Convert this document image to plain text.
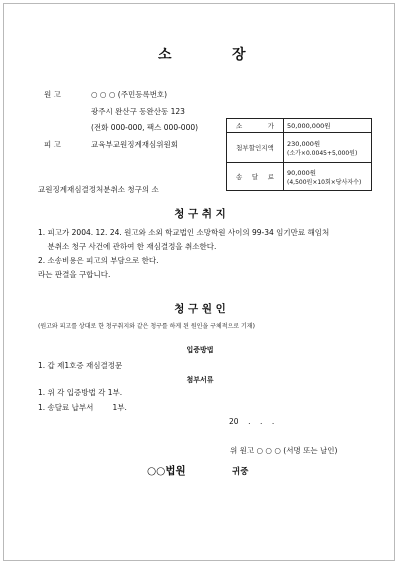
소	장
원 고	○ ○ ○ (주민등록번호)
광주시 완산구 동완산동 123
(전화 000-000, 팩스 000-000)
피 고	교육부교원징계재심위원회
교원징계재심결정처분취소 청구의 소
소 가	50,000,000원
첨부할인지액	230,000원
(소가×0.0045+5,000원)

송 달 료	90,000원
(4,500원×10회×당사자수)
청 구 취 지
1. 피고가 2004. 12. 24. 원고와 소외 학교법인 소망학원 사이의 99-34 임기만료 해임처
분취소 청구 사건에 관하여 한 재심결정을 취소한다.
2. 소송비용은 피고의 부담으로 한다.
라는 판결을 구합니다.
청 구 원 인
(원고와 피고를 상대로 한 청구취지와 같은 청구를 하게 된 원인을 구체적으로 기재)
입증방법
1. 갑 제1호증 재심결정문
첨부서류
1. 위 각 입증방법 각 1부.
1. 송달료 납부서        1부.
20    .    .    .
위 원고 ○ ○ ○ (서명 또는 날인)
○○법원	귀중
